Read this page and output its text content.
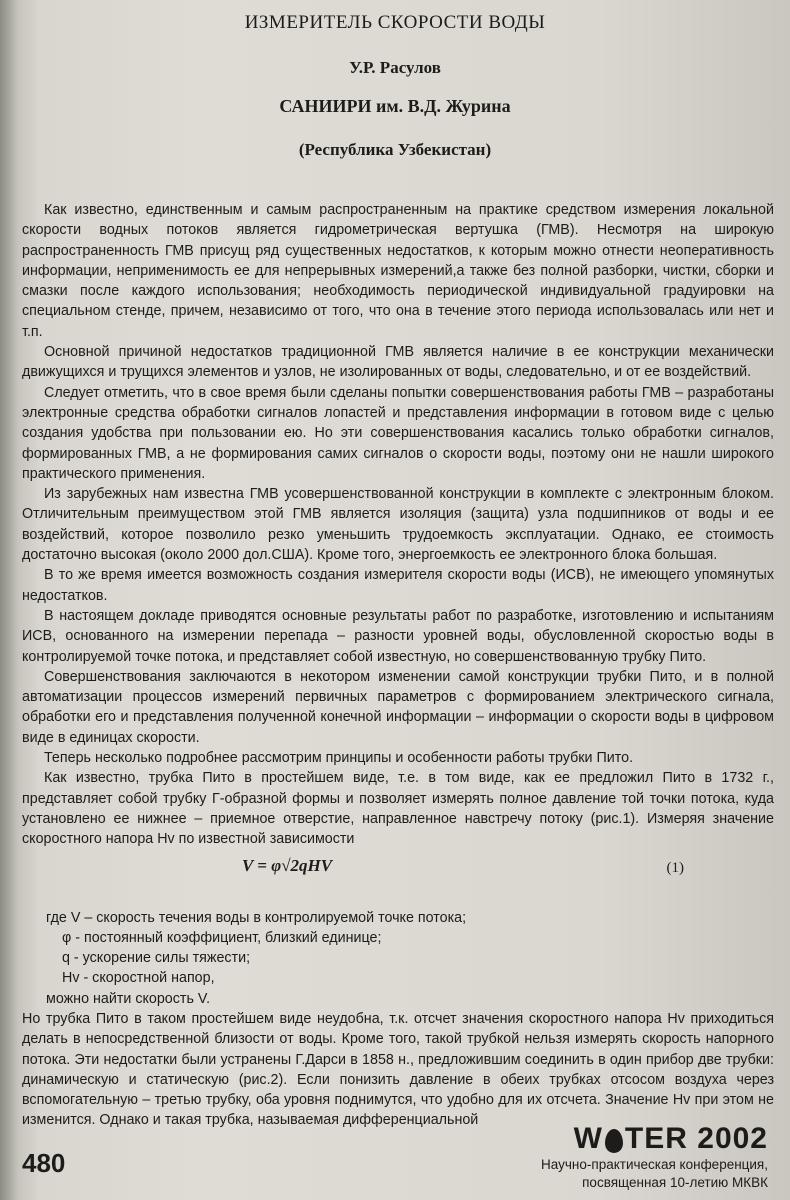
ИЗМЕРИТЕЛЬ СКОРОСТИ ВОДЫ
У.Р. Расулов
САНИИРИ им. В.Д. Журина
(Республика Узбекистан)

Как известно, единственным и самым распространенным на практике средством измерения локальной скорости водных потоков является гидрометрическая вертушка (ГМВ). Несмотря на широкую распространенность ГМВ присущ ряд существенных недостатков, к которым можно отнести неоперативность информации, неприменимость ее для непрерывных измерений,а также без полной разборки, чистки, сборки и смазки после каждого использования; необходимость периодической индивидуальной градуировки на специальном стенде, причем, независимо от того, что она в течение этого периода использовалась или нет и т.п.

Основной причиной недостатков традиционной ГМВ является наличие в ее конструкции механически движущихся и трущихся элементов и узлов, не изолированных от воды, следовательно, и от ее воздействий.

Следует отметить, что в свое время были сделаны попытки совершенствования работы ГМВ – разработаны электронные средства обработки сигналов лопастей и представления информации в готовом виде с целью создания удобства при пользовании ею. Но эти совершенствования касались только обработки сигналов, формированных ГМВ, а не формирования самих сигналов о скорости воды, поэтому они не нашли широкого практического применения.

Из зарубежных нам известна ГМВ усовершенствованной конструкции в комплекте с электронным блоком. Отличительным преимуществом этой ГМВ является изоляция (защита) узла подшипников от воды и ее воздействий, которое позволило резко уменьшить трудоемкость эксплуатации. Однако, ее стоимость достаточно высокая (около 2000 дол.США). Кроме того, энергоемкость ее электронного блока большая.

В то же время имеется возможность создания измерителя скорости воды (ИСВ), не имеющего упомянутых недостатков.

В настоящем докладе приводятся основные результаты работ по разработке, изготовлению и испытаниям ИСВ, основанного на измерении перепада – разности уровней воды, обусловленной скоростью воды в контролируемой точке потока, и представляет собой известную, но совершенствованную трубку Пито.

Совершенствования заключаются в некотором изменении самой конструкции трубки Пито, и в полной автоматизации процессов измерений первичных параметров с формированием электрического сигнала, обработки его и представления полученной конечной информации – информации о скорости воды в цифровом виде в единицах скорости.

Теперь несколько подробнее рассмотрим принципы и особенности работы трубки Пито.

Как известно, трубка Пито в простейшем виде, т.е. в том виде, как ее предложил Пито в 1732 г., представляет собой трубку Г-образной формы и позволяет измерять полное давление той точки потока, куда установлено ее нижнее – приемное отверстие, направленное навстречу потоку (рис.1). Измеряя значение скоростного напора Hv по известной зависимости

V = φ√2qHV	(1)
где V – скорость течения воды в контролируемой точке потока;
φ - постоянный коэффициент, близкий единице;
q - ускорение силы тяжести;
Hv - скоростной напор,
можно найти скорость V.

Но трубка Пито в таком простейшем виде неудобна, т.к. отсчет значения скоростного напора Hv приходиться делать в непосредственной близости от воды. Кроме того, такой трубкой нельзя измерять скорость напорного потока. Эти недостатки были устранены Г.Дарси в 1858 н., предложившим соединить в один прибор две трубки: динамическую и статическую (рис.2). Если понизить давление в обеих трубках отсосом воздуха через вспомогательную – третью трубку, оба уровня поднимутся, что удобно для их отсчета. Значение Hv при этом не изменится. Однако и такая трубка, называемая дифференциальной

480
W TER 2002
Научно-практическая конференция,
посвященная 10-летию МКВК
